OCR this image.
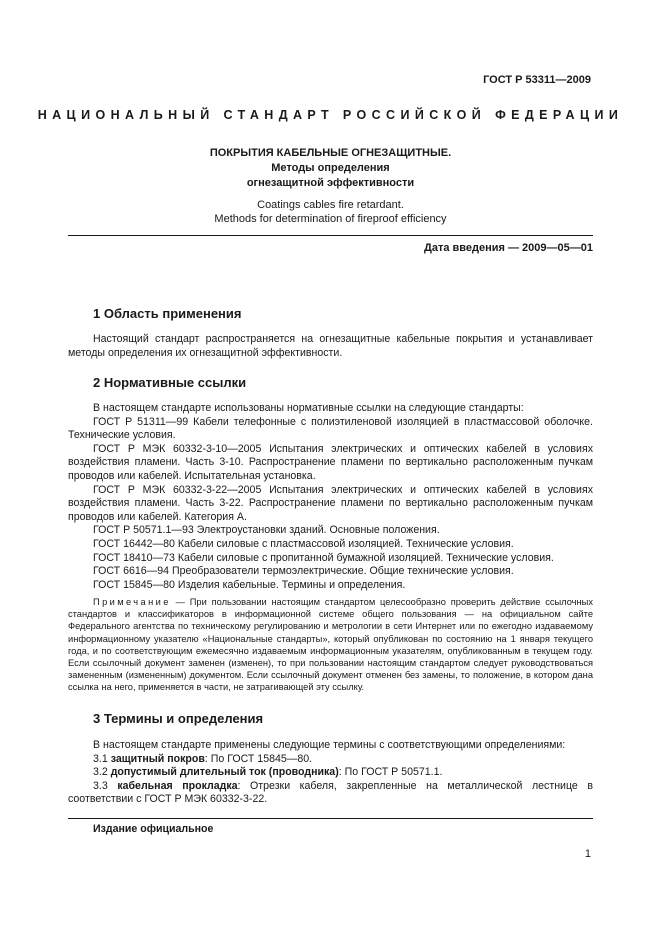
ГОСТ Р 53311—2009
НАЦИОНАЛЬНЫЙ СТАНДАРТ РОССИЙСКОЙ ФЕДЕРАЦИИ
ПОКРЫТИЯ КАБЕЛЬНЫЕ ОГНЕЗАЩИТНЫЕ.
Методы определения
огнезащитной эффективности
Coatings cables fire retardant.
Methods for determination of fireproof efficiency
Дата введения — 2009—05—01
1 Область применения

Настоящий стандарт распространяется на огнезащитные кабельные покрытия и устанавливает методы определения их огнезащитной эффективности.

2 Нормативные ссылки

В настоящем стандарте использованы нормативные ссылки на следующие стандарты:

ГОСТ Р 51311—99 Кабели телефонные с полиэтиленовой изоляцией в пластмассовой оболочке. Технические условия.

ГОСТ Р МЭК 60332-3-10—2005 Испытания электрических и оптических кабелей в условиях воздействия пламени. Часть 3-10. Распространение пламени по вертикально расположенным пучкам проводов или кабелей. Испытательная установка.

ГОСТ Р МЭК 60332-3-22—2005 Испытания электрических и оптических кабелей в условиях воздействия пламени. Часть 3-22. Распространение пламени по вертикально расположенным пучкам проводов или кабелей. Категория А.

ГОСТ Р 50571.1—93 Электроустановки зданий. Основные положения.

ГОСТ 16442—80 Кабели силовые с пластмассовой изоляцией. Технические условия.

ГОСТ 18410—73 Кабели силовые с пропитанной бумажной изоляцией. Технические условия.

ГОСТ 6616—94 Преобразователи термоэлектрические. Общие технические условия.

ГОСТ 15845—80 Изделия кабельные. Термины и определения.

Примечание — При пользовании настоящим стандартом целесообразно проверить действие ссылочных стандартов и классификаторов в информационной системе общего пользования — на официальном сайте Федерального агентства по техническому регулированию и метрологии в сети Интернет или по ежегодно издаваемому информационному указателю «Национальные стандарты», который опубликован по состоянию на 1 января текущего года, и по соответствующим ежемесячно издаваемым информационным указателям, опубликованным в текущем году. Если ссылочный документ заменен (изменен), то при пользовании настоящим стандартом следует руководствоваться замененным (измененным) документом. Если ссылочный документ отменен без замены, то положение, в котором дана ссылка на него, применяется в части, не затрагивающей эту ссылку.

3 Термины и определения

В настоящем стандарте применены следующие термины с соответствующими определениями:

3.1 защитный покров: По ГОСТ 15845—80.

3.2 допустимый длительный ток (проводника): По ГОСТ Р 50571.1.

3.3 кабельная прокладка: Отрезки кабеля, закрепленные на металлической лестнице в соответствии с ГОСТ Р МЭК 60332-3-22.

Издание официальное
1
